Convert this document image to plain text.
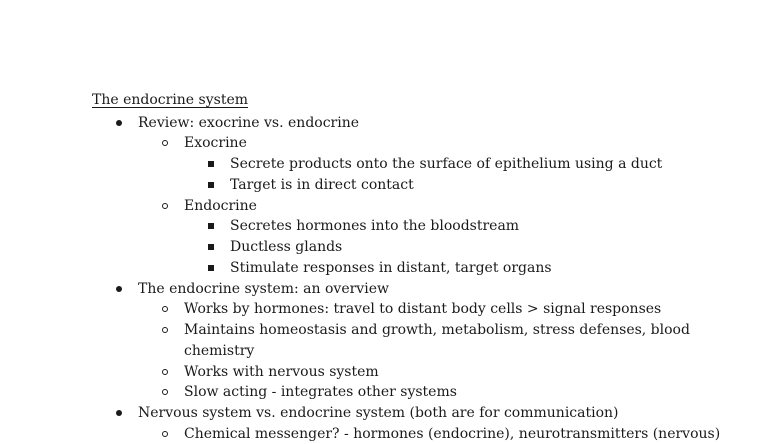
The endocrine system
Review: exocrine vs. endocrine
Exocrine
Secrete products onto the surface of epithelium using a duct
Target is in direct contact
Endocrine
Secretes hormones into the bloodstream
Ductless glands
Stimulate responses in distant, target organs
The endocrine system: an overview
Works by hormones: travel to distant body cells > signal responses
Maintains homeostasis and growth, metabolism, stress defenses, blood
chemistry
Works with nervous system
Slow acting - integrates other systems
Nervous system vs. endocrine system (both are for communication)
Chemical messenger? - hormones (endocrine), neurotransmitters (nervous)
